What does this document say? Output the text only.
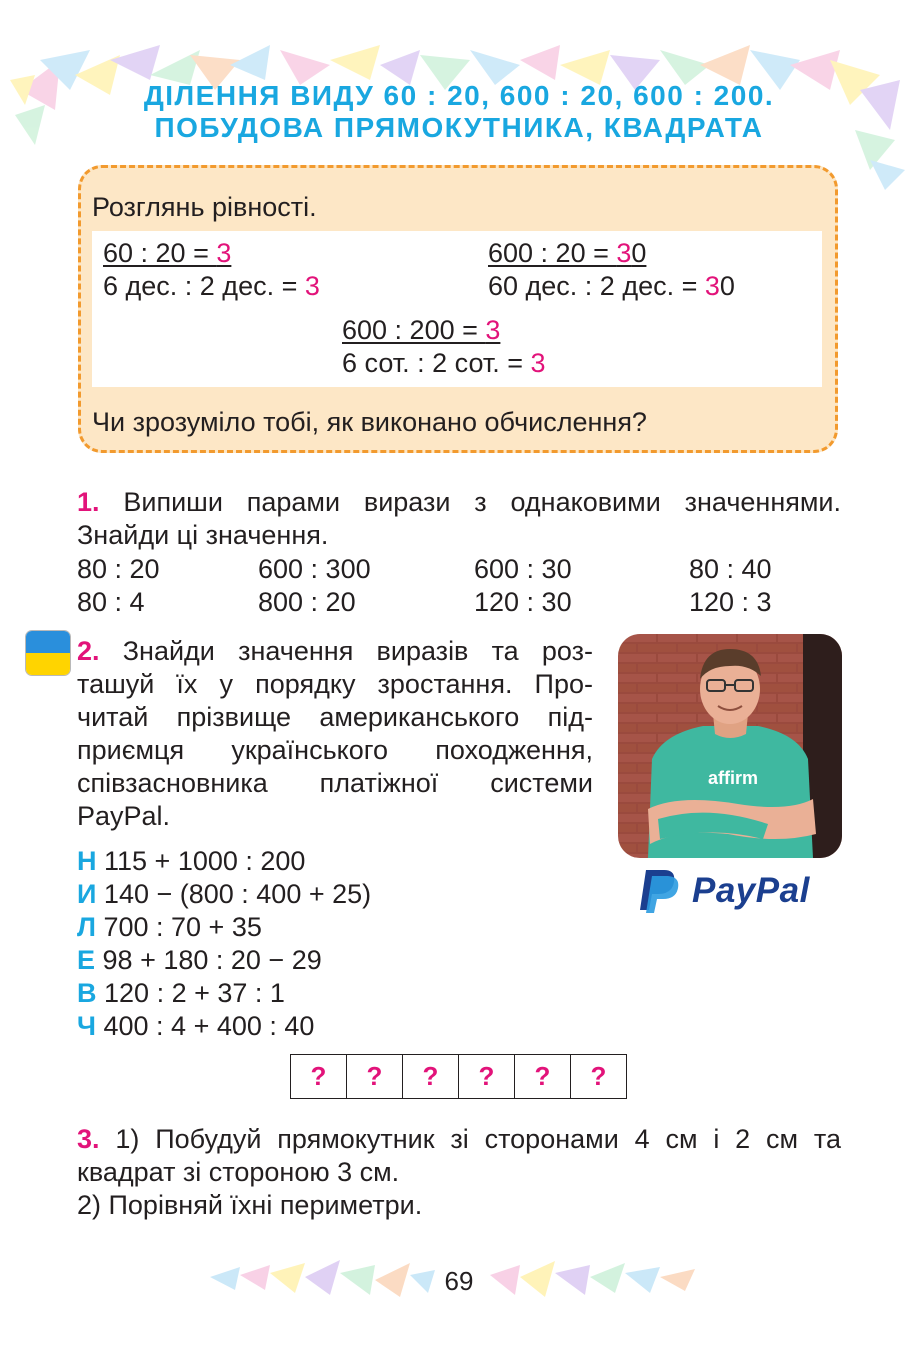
ДІЛЕННЯ ВИДУ 60 : 20, 600 : 20, 600 : 200.
ПОБУДОВА ПРЯМОКУТНИКА, КВАДРАТА
Розглянь рівності.
60 : 20 = 3
6 дес. : 2 дес. = 3
600 : 20 = 30
60 дес. : 2 дес. = 30
600 : 200 = 3
6 сот. : 2 сот. = 3
Чи зрозуміло тобі, як виконано обчислення?
1. Випиши парами вирази з однаковими значеннями.
Знайди ці значення.
80 : 20	600 : 300	600 : 30	80 : 40
80 : 4	800 : 20	120 : 30	120 : 3
2. Знайди значення виразів та роз-
ташуй їх у порядку зростання. Про-
читай прізвище американського під-
приємця українського походження,
співзасновника платіжної системи
PayPal.
affirm
PayPal
Н 115 + 1000 : 200
И 140 − (800 : 400 + 25)
Л 700 : 70 + 35
Е 98 + 180 : 20 − 29
В 120 : 2 + 37 : 1
Ч 400 : 4 + 400 : 40
?	?	?	?	?	?
3. 1) Побудуй прямокутник зі сторонами 4 см і 2 см та
квадрат зі стороною 3 см.
2) Порівняй їхні периметри.
69
